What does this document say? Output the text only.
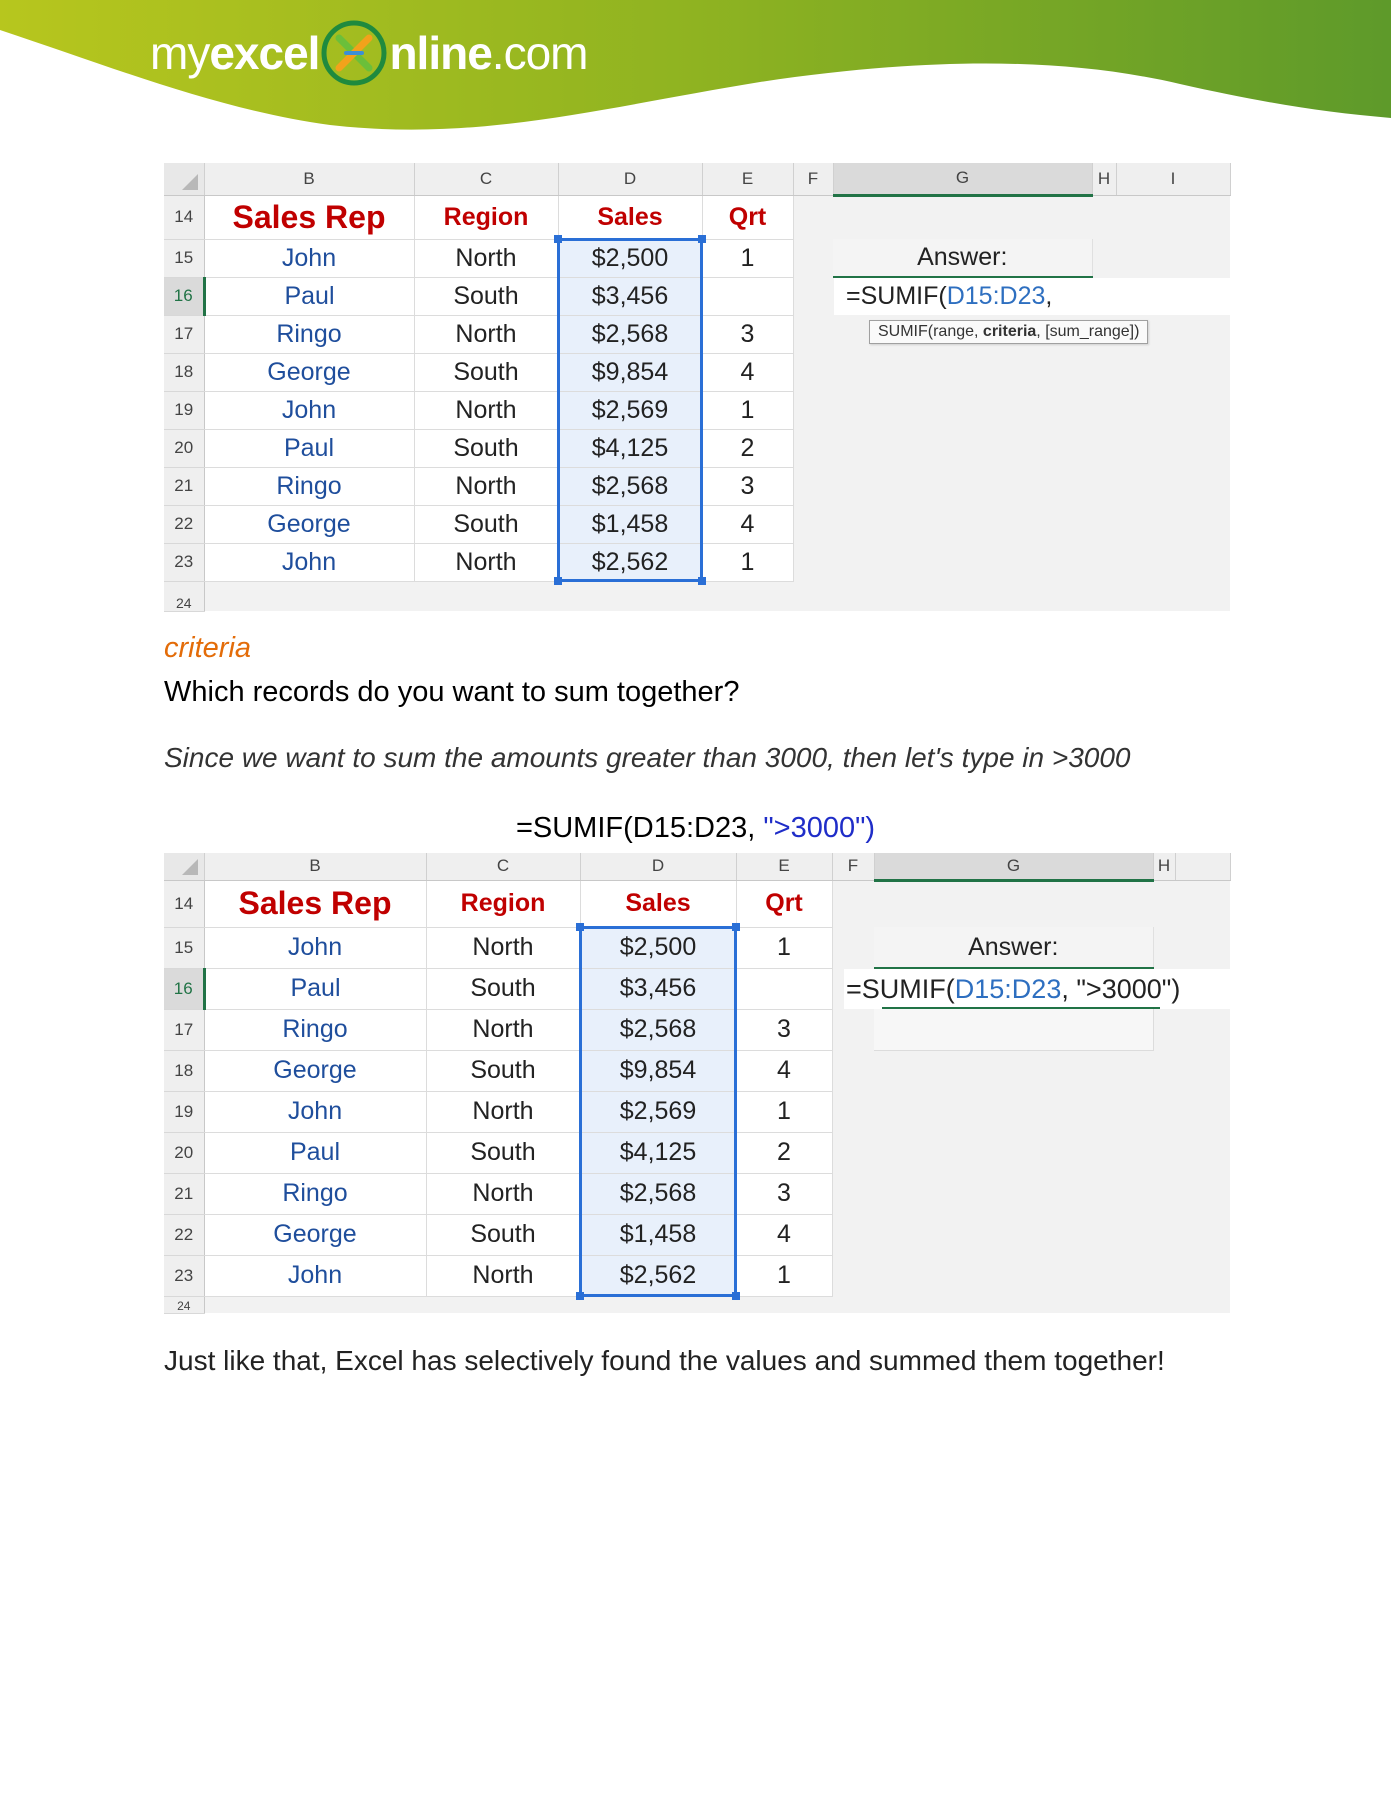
my excel nline .com
	B	C	D	E	F	G	H	I
14	Sales Rep	Region	Sales	Qrt				
15	John	North	$2,500	1		Answer:		
16	Paul	South	$3,456					
17	Ringo	North	$2,568	3				
18	George	South	$9,854	4				
19	John	North	$2,569	1				
20	Paul	South	$4,125	2				
21	Ringo	North	$2,568	3				
22	George	South	$1,458	4				
23	John	North	$2,562	1				
24								
=SUMIF( D15:D23 ,
SUMIF(range, criteria, [sum_range])
criteria
Which records do you want to sum together?
Since we want to sum the amounts greater than 3000, then let's type in >3000
=SUMIF(D15:D23, ">3000")
	B	C	D	E	F	G	H	
14	Sales Rep	Region	Sales	Qrt				
15	John	North	$2,500	1		Answer:		
16	Paul	South	$3,456					
17	Ringo	North	$2,568	3				
18	George	South	$9,854	4				
19	John	North	$2,569	1				
20	Paul	South	$4,125	2				
21	Ringo	North	$2,568	3				
22	George	South	$1,458	4				
23	John	North	$2,562	1				
24								
=SUMIF( D15:D23 , ">3000")
Just like that, Excel has selectively found the values and summed them together!
